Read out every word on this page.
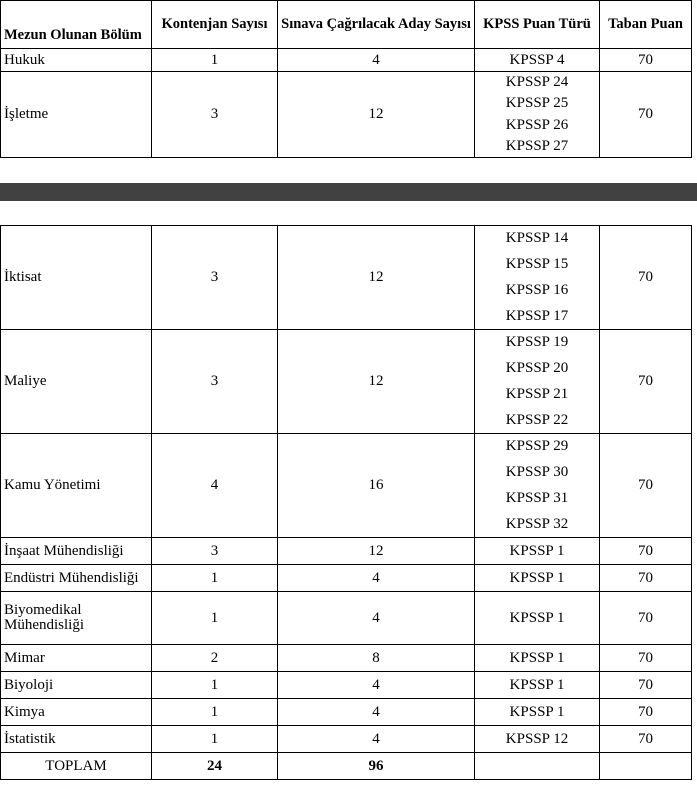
Mezun Olunan Bölüm	Kontenjan Sayısı	Sınava Çağrılacak Aday Sayısı	KPSS Puan Türü	Taban Puan
Hukuk	1	4	KPSSP 4	70
İşletme	3	12	KPSSP 24
KPSSP 25
KPSSP 26
KPSSP 27	70
İktisat	3	12	KPSSP 14
KPSSP 15
KPSSP 16
KPSSP 17	70
Maliye	3	12	KPSSP 19
KPSSP 20
KPSSP 21
KPSSP 22	70
Kamu Yönetimi	4	16	KPSSP 29
KPSSP 30
KPSSP 31
KPSSP 32	70
İnşaat Mühendisliği	3	12	KPSSP 1	70
Endüstri Mühendisliği	1	4	KPSSP 1	70
Biyomedikal Mühendisliği	1	4	KPSSP 1	70
Mimar	2	8	KPSSP 1	70
Biyoloji	1	4	KPSSP 1	70
Kimya	1	4	KPSSP 1	70
İstatistik	1	4	KPSSP 12	70
TOPLAM	24	96		
